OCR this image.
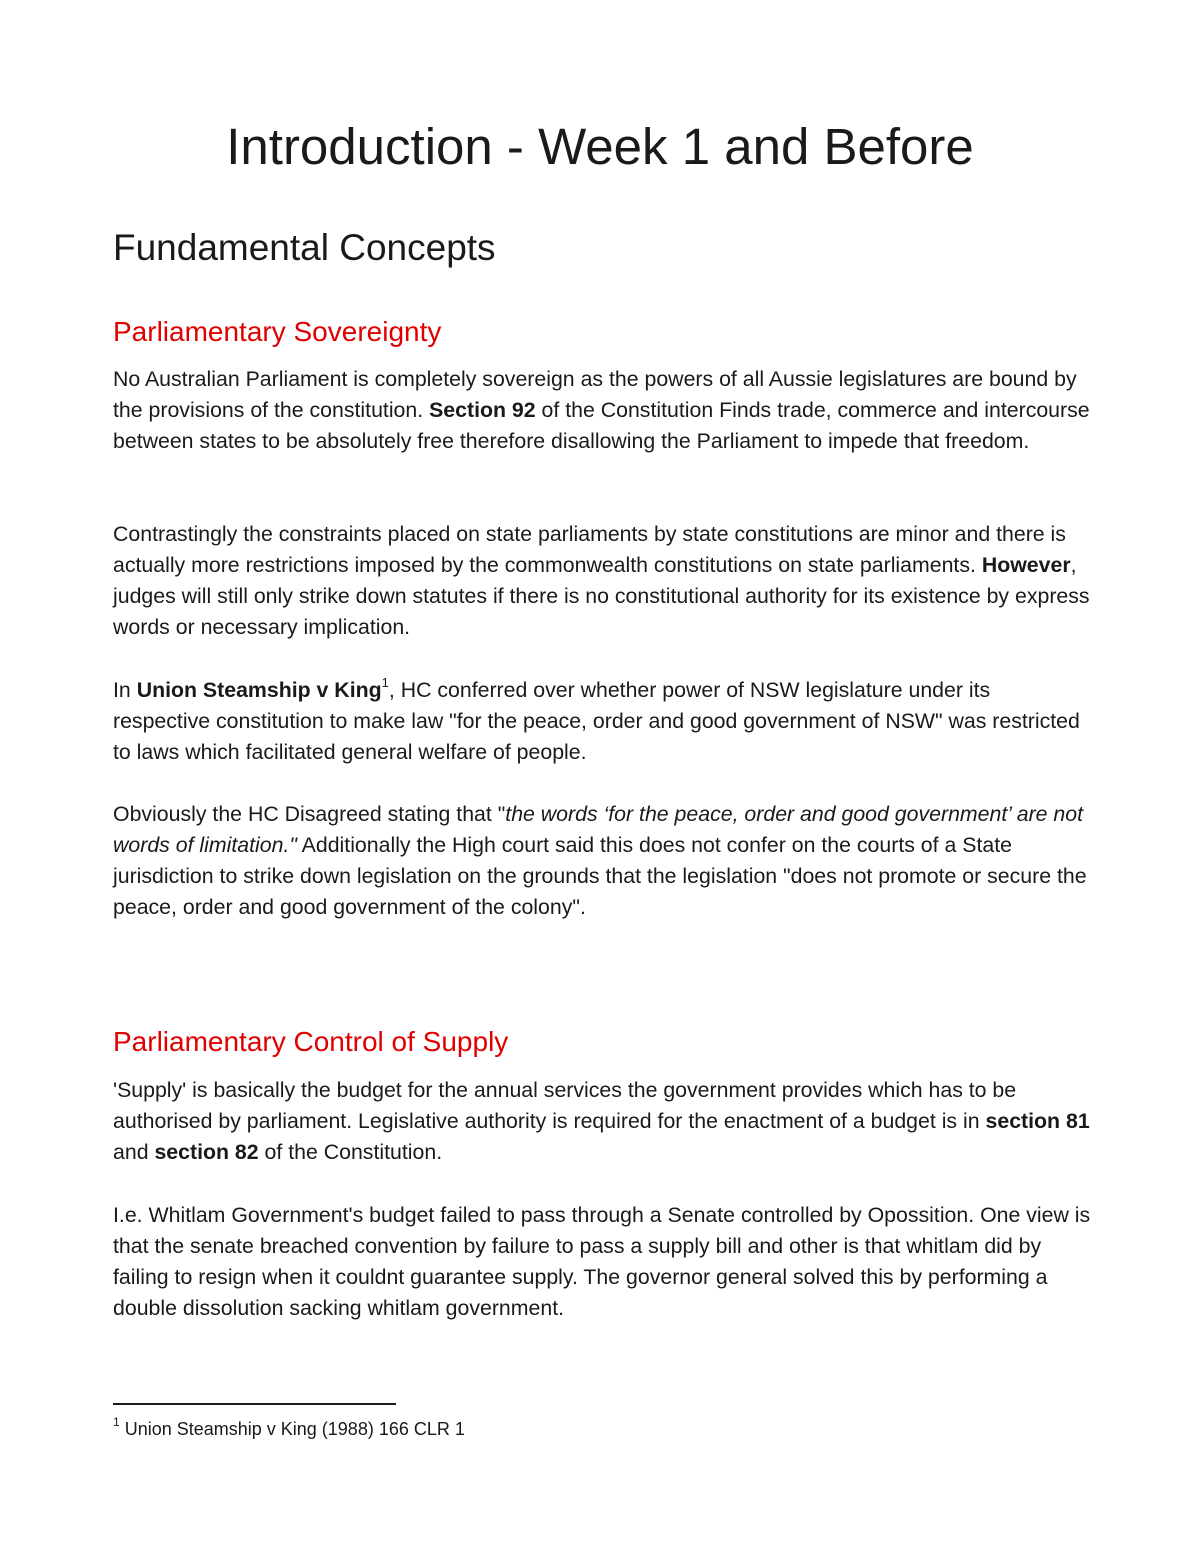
Introduction - Week 1 and Before
Fundamental Concepts
Parliamentary Sovereignty

No Australian Parliament is completely sovereign as the powers of all Aussie legislatures are bound by the provisions of the constitution. Section 92 of the Constitution Finds trade, commerce and intercourse between states to be absolutely free therefore disallowing the Parliament to impede that freedom.

Contrastingly the constraints placed on state parliaments by state constitutions are minor and there is actually more restrictions imposed by the commonwealth constitutions on state parliaments. However, judges will still only strike down statutes if there is no constitutional authority for its existence by express words or necessary implication.

In Union Steamship v King$^1$, HC conferred over whether power of NSW legislature under its respective constitution to make law "for the peace, order and good government of NSW" was restricted to laws which facilitated general welfare of people.

Obviously the HC Disagreed stating that "the words ‘for the peace, order and good government’ are not words of limitation." Additionally the High court said this does not confer on the courts of a State jurisdiction to strike down legislation on the grounds that the legislation "does not promote or secure the peace, order and good government of the colony".

Parliamentary Control of Supply

'Supply' is basically the budget for the annual services the government provides which has to be authorised by parliament. Legislative authority is required for the enactment of a budget is in section 81 and section 82 of the Constitution.

I.e. Whitlam Government's budget failed to pass through a Senate controlled by Opossition. One view is that the senate breached convention by failure to pass a supply bill and other is that whitlam did by failing to resign when it couldnt guarantee supply. The governor general solved this by performing a double dissolution sacking whitlam government.

$^1$ Union Steamship v King (1988) 166 CLR 1
